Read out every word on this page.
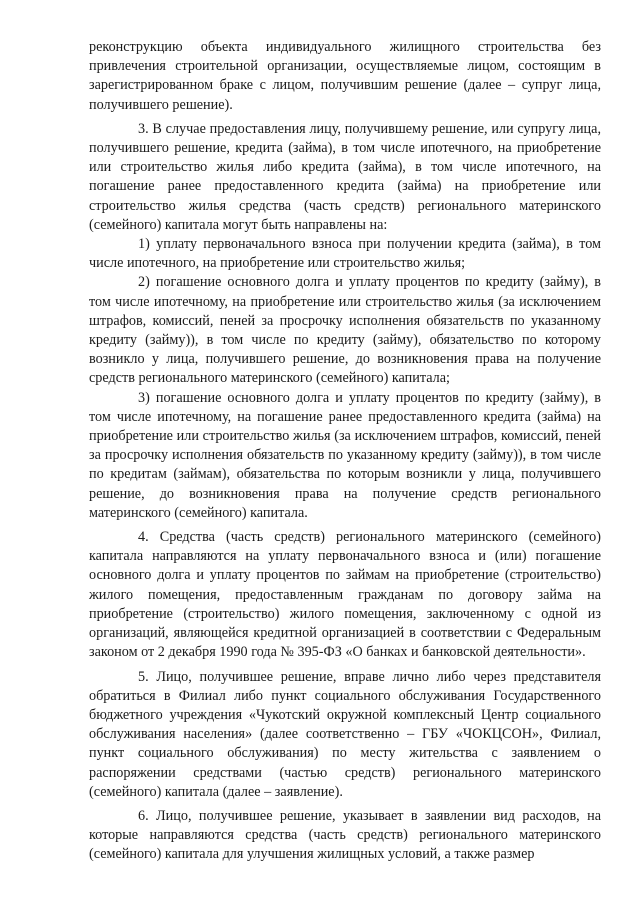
реконструкцию объекта индивидуального жилищного строительства без привлечения строительной организации, осуществляемые лицом, состоящим в зарегистрированном браке с лицом, получившим решение (далее – супруг лица, получившего решение).

3. В случае предоставления лицу, получившему решение, или супругу лица, получившего решение, кредита (займа), в том числе ипотечного, на приобретение или строительство жилья либо кредита (займа), в том числе ипотечного, на погашение ранее предоставленного кредита (займа) на приобретение или строительство жилья средства (часть средств) регионального материнского (семейного) капитала могут быть направлены на:

1) уплату первоначального взноса при получении кредита (займа), в том числе ипотечного, на приобретение или строительство жилья;

2) погашение основного долга и уплату процентов по кредиту (займу), в том числе ипотечному, на приобретение или строительство жилья (за исключением штрафов, комиссий, пеней за просрочку исполнения обязательств по указанному кредиту (займу)), в том числе по кредиту (займу), обязательство по которому возникло у лица, получившего решение, до возникновения права на получение средств регионального материнского (семейного) капитала;

3) погашение основного долга и уплату процентов по кредиту (займу), в том числе ипотечному, на погашение ранее предоставленного кредита (займа) на приобретение или строительство жилья (за исключением штрафов, комиссий, пеней за просрочку исполнения обязательств по указанному кредиту (займу)), в том числе по кредитам (займам), обязательства по которым возникли у лица, получившего решение, до возникновения права на получение средств регионального материнского (семейного) капитала.

4. Средства (часть средств) регионального материнского (семейного) капитала направляются на уплату первоначального взноса и (или) погашение основного долга и уплату процентов по займам на приобретение (строительство) жилого помещения, предоставленным гражданам по договору займа на приобретение (строительство) жилого помещения, заключенному с одной из организаций, являющейся кредитной организацией в соответствии с Федеральным законом от 2 декабря 1990 года № 395-ФЗ «О банках и банковской деятельности».

5. Лицо, получившее решение, вправе лично либо через представителя обратиться в Филиал либо пункт социального обслуживания Государственного бюджетного учреждения «Чукотский окружной комплексный Центр социального обслуживания населения» (далее соответственно – ГБУ «ЧОКЦСОН», Филиал, пункт социального обслуживания) по месту жительства с заявлением о распоряжении средствами (частью средств) регионального материнского (семейного) капитала (далее – заявление).

6. Лицо, получившее решение, указывает в заявлении вид расходов, на которые направляются средства (часть средств) регионального материнского (семейного) капитала для улучшения жилищных условий, а также размер
